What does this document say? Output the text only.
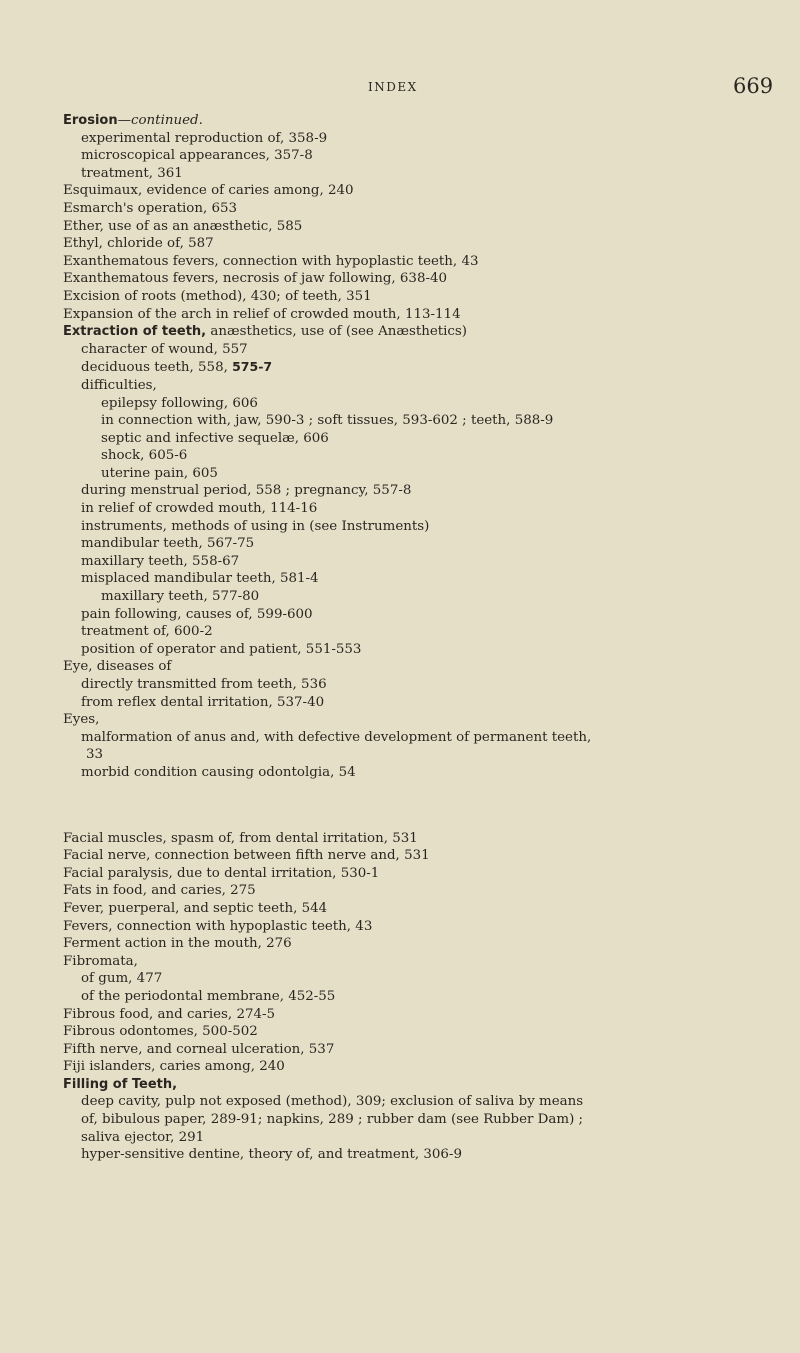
INDEX	669

Erosion—continued.

experimental reproduction of, 358-9

microscopical appearances, 357-8

treatment, 361

Esquimaux, evidence of caries among, 240

Esmarch's operation, 653

Ether, use of as an anæsthetic, 585

Ethyl, chloride of, 587

Exanthematous fevers, connection with hypoplastic teeth, 43

Exanthematous fevers, necrosis of jaw following, 638-40

Excision of roots (method), 430; of teeth, 351

Expansion of the arch in relief of crowded mouth, 113-114

Extraction of teeth, anæsthetics, use of (see Anæsthetics)

character of wound, 557

deciduous teeth, 558, 575-7

difficulties,

epilepsy following, 606

in connection with, jaw, 590-3 ; soft tissues, 593-602 ; teeth, 588-9

septic and infective sequelæ, 606

shock, 605-6

uterine pain, 605

during menstrual period, 558 ; pregnancy, 557-8

in relief of crowded mouth, 114-16

instruments, methods of using in (see Instruments)

mandibular teeth, 567-75

maxillary teeth, 558-67

misplaced mandibular teeth, 581-4

maxillary teeth, 577-80

pain following, causes of, 599-600

treatment of, 600-2

position of operator and patient, 551-553

Eye, diseases of

directly transmitted from teeth, 536

from reflex dental irritation, 537-40

Eyes,

malformation of anus and, with defective development of permanent teeth,

33

morbid condition causing odontolgia, 54

Facial muscles, spasm of, from dental irritation, 531

Facial nerve, connection between fifth nerve and, 531

Facial paralysis, due to dental irritation, 530-1

Fats in food, and caries, 275

Fever, puerperal, and septic teeth, 544

Fevers, connection with hypoplastic teeth, 43

Ferment action in the mouth, 276

Fibromata,

of gum, 477

of the periodontal membrane, 452-55

Fibrous food, and caries, 274-5

Fibrous odontomes, 500-502

Fifth nerve, and corneal ulceration, 537

Fiji islanders, caries among, 240

Filling of Teeth,

deep cavity, pulp not exposed (method), 309; exclusion of saliva by means

of, bibulous paper, 289-91; napkins, 289 ; rubber dam (see Rubber Dam) ;

saliva ejector, 291

hyper-sensitive dentine, theory of, and treatment, 306-9
